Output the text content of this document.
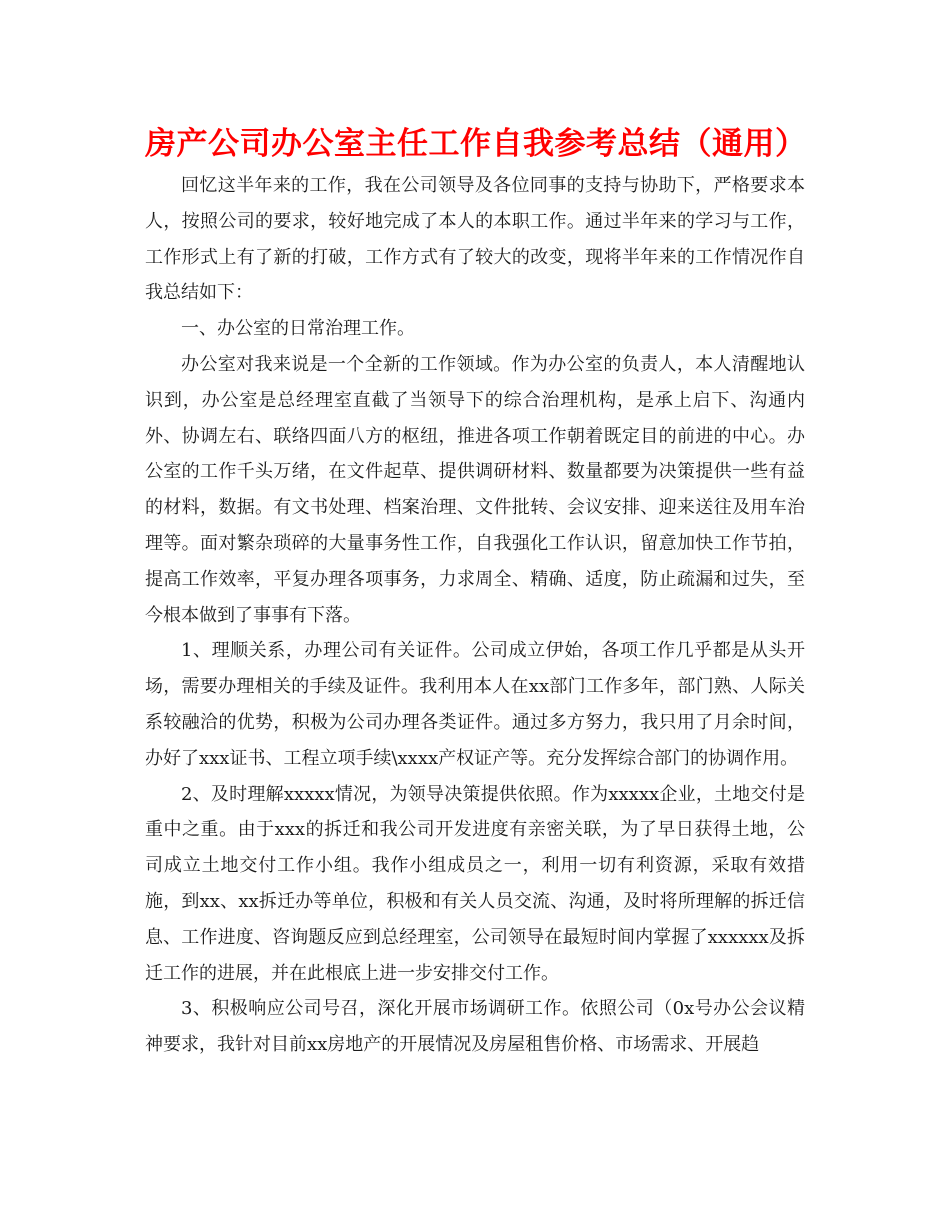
房产公司办公室主任工作自我参考总结（通用）

回忆这半年来的工作，我在公司领导及各位同事的支持与协助下，严格要求本人，按照公司的要求，较好地完成了本人的本职工作。通过半年来的学习与工作，工作形式上有了新的打破，工作方式有了较大的改变，现将半年来的工作情况作自我总结如下：

一、办公室的日常治理工作。

办公室对我来说是一个全新的工作领域。作为办公室的负责人，本人清醒地认识到，办公室是总经理室直截了当领导下的综合治理机构，是承上启下、沟通内外、协调左右、联络四面八方的枢纽，推进各项工作朝着既定目的前进的中心。办公室的工作千头万绪，在文件起草、提供调研材料、数量都要为决策提供一些有益的材料，数据。有文书处理、档案治理、文件批转、会议安排、迎来送往及用车治理等。面对繁杂琐碎的大量事务性工作，自我强化工作认识，留意加快工作节拍，提高工作效率，平复办理各项事务，力求周全、精确、适度，防止疏漏和过失，至今根本做到了事事有下落。

1、理顺关系，办理公司有关证件。公司成立伊始，各项工作几乎都是从头开场，需要办理相关的手续及证件。我利用本人在xx部门工作多年，部门熟、人际关系较融洽的优势，积极为公司办理各类证件。通过多方努力，我只用了月余时间，办好了xxx证书、工程立项手续\xxxx产权证产等。充分发挥综合部门的协调作用。

2、及时理解xxxxx情况，为领导决策提供依照。作为xxxxx企业，土地交付是重中之重。由于xxx的拆迁和我公司开发进度有亲密关联，为了早日获得土地，公司成立土地交付工作小组。我作小组成员之一，利用一切有利资源，采取有效措施，到xx、xx拆迁办等单位，积极和有关人员交流、沟通，及时将所理解的拆迁信息、工作进度、咨询题反应到总经理室，公司领导在最短时间内掌握了xxxxxx及拆迁工作的进展，并在此根底上进一步安排交付工作。

3、积极响应公司号召，深化开展市场调研工作。依照公司（0x号办公会议精神要求，我针对目前xx房地产的开展情况及房屋租售价格、市场需求、开展趋
